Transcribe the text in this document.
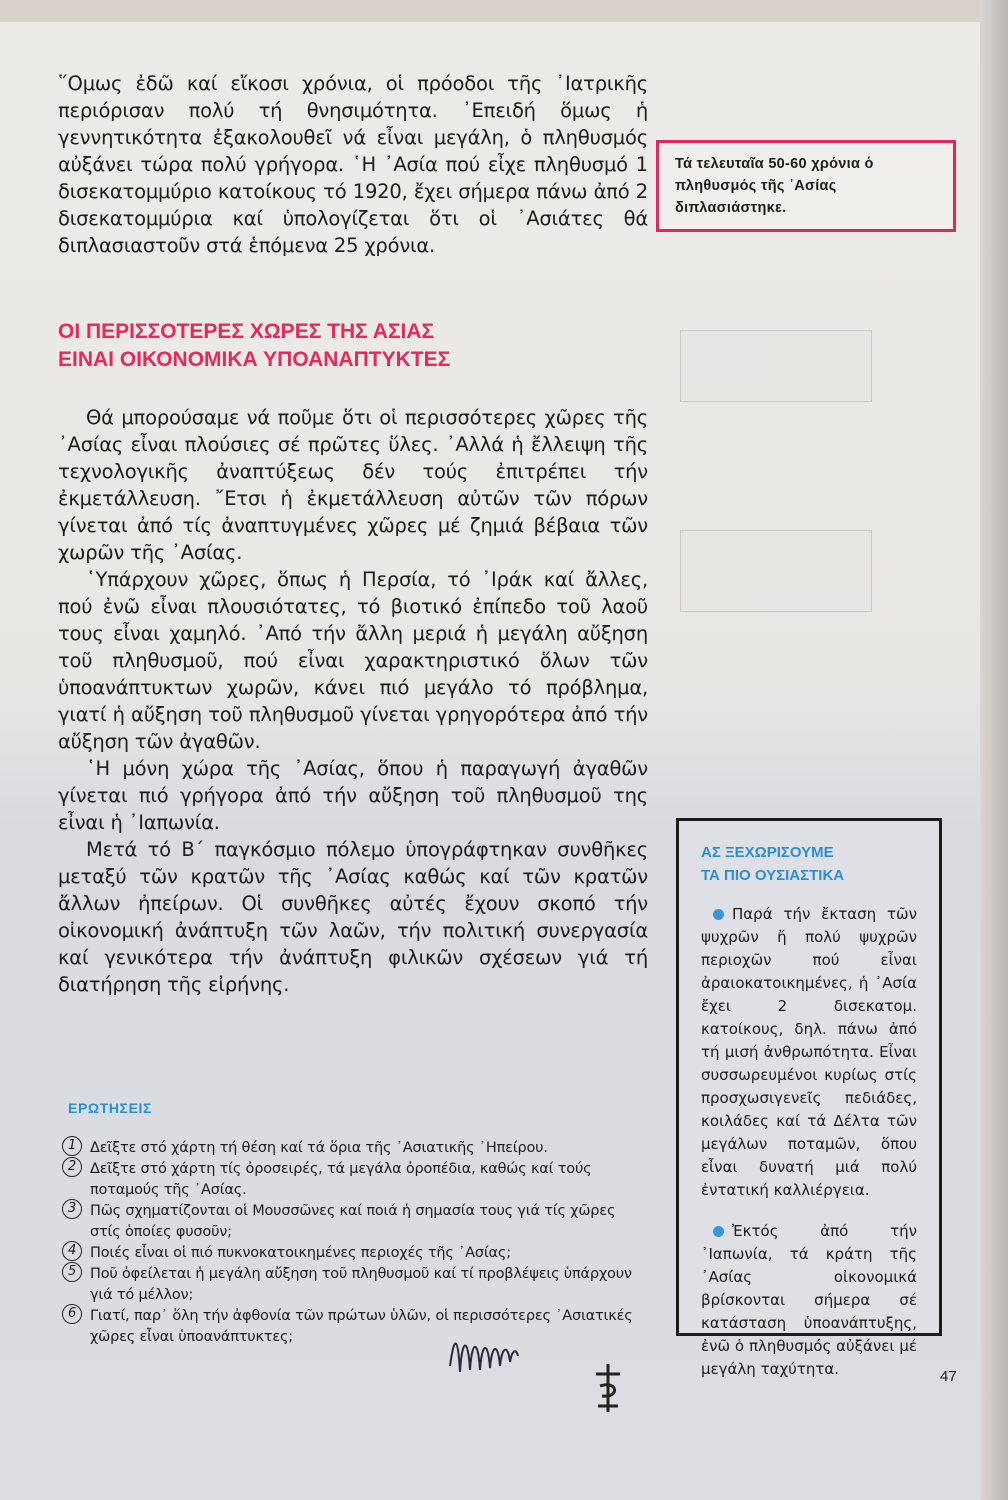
῞Ομως ἐδῶ καί εἴκοσι χρόνια, οἱ πρόοδοι τῆς ᾿Ιατρικῆς περιόρισαν πολύ τή θνησιμότητα. ᾿Επειδή ὅμως ἡ γεννητικότητα ἐξακολουθεῖ νά εἶναι μεγάλη, ὁ πληθυσμός αὐξάνει τώρα πολύ γρήγορα. ῾Η ᾿Ασία πού εἶχε πληθυσμό 1 δισεκατομμύριο κατοίκους τό 1920, ἔχει σήμερα πάνω ἀπό 2 δισεκατομμύρια καί ὑπολογίζεται ὅτι οἱ ᾿Ασιάτες θά διπλασιαστοῦν στά ἑπόμενα 25 χρόνια.

Τά τελευταῖα 50-60 χρόνια ὁ πληθυσμός τῆς ᾿Ασίας διπλασιάστηκε.
ΟΙ ΠΕΡΙΣΣΟΤΕΡΕΣ ΧΩΡΕΣ ΤΗΣ ΑΣΙΑΣ
ΕΙΝΑΙ ΟΙΚΟΝΟΜΙΚΑ ΥΠΟΑΝΑΠΤΥΚΤΕΣ

Θά μπορούσαμε νά ποῦμε ὅτι οἱ περισσότερες χῶρες τῆς ᾿Ασίας εἶναι πλούσιες σέ πρῶτες ὕλες. ᾿Αλλά ἡ ἔλλειψη τῆς τεχνολογικῆς ἀναπτύξεως δέν τούς ἐπιτρέπει τήν ἐκμετάλλευση. ῎Ετσι ἡ ἐκμετάλλευση αὐτῶν τῶν πόρων γίνεται ἀπό τίς ἀναπτυγμένες χῶρες μέ ζημιά βέβαια τῶν χωρῶν τῆς ᾿Ασίας.

῾Υπάρχουν χῶρες, ὅπως ἡ Περσία, τό ᾿Ιράκ καί ἄλλες, πού ἐνῶ εἶναι πλουσιότατες, τό βιοτικό ἐπίπεδο τοῦ λαοῦ τους εἶναι χαμηλό. ᾿Από τήν ἄλλη μεριά ἡ μεγάλη αὔξηση τοῦ πληθυσμοῦ, πού εἶναι χαρακτηριστικό ὅλων τῶν ὑποανάπτυκτων χωρῶν, κάνει πιό μεγάλο τό πρόβλημα, γιατί ἡ αὔξηση τοῦ πληθυσμοῦ γίνεται γρηγορότερα ἀπό τήν αὔξηση τῶν ἀγαθῶν.

῾Η μόνη χώρα τῆς ᾿Ασίας, ὅπου ἡ παραγωγή ἀγαθῶν γίνεται πιό γρήγορα ἀπό τήν αὔξηση τοῦ πληθυσμοῦ της εἶναι ἡ ᾿Ιαπωνία.

Μετά τό Β΄ παγκόσμιο πόλεμο ὑπογράφτηκαν συνθῆκες μεταξύ τῶν κρατῶν τῆς ᾿Ασίας καθώς καί τῶν κρατῶν ἄλλων ἠπείρων. Οἱ συνθῆκες αὐτές ἔχουν σκοπό τήν οἰκονομική ἀνάπτυξη τῶν λαῶν, τήν πολιτική συνεργασία καί γενικότερα τήν ἀνάπτυξη φιλικῶν σχέσεων γιά τή διατήρηση τῆς εἰρήνης.

ΑΣ ΞΕΧΩΡΙΣΟΥΜΕ
ΤΑ ΠΙΟ ΟΥΣΙΑΣΤΙΚΑ

Παρά τήν ἔκταση τῶν ψυχρῶν ἤ πολύ ψυχρῶν περιοχῶν πού εἶναι ἀραιοκατοικημένες, ἡ ᾿Ασία ἔχει 2 δισεκατομ. κατοίκους, δηλ. πάνω ἀπό τή μισή ἀνθρωπότητα. Εἶναι συσσωρευμένοι κυρίως στίς προσχωσιγενεῖς πεδιάδες, κοιλάδες καί τά Δέλτα τῶν μεγάλων ποταμῶν, ὅπου εἶναι δυνατή μιά πολύ ἐντατική καλλιέργεια.

Ἐκτός ἀπό τήν ᾿Ιαπωνία, τά κράτη τῆς ᾿Ασίας οἰκονομικά βρίσκονται σήμερα σέ κατάσταση ὑποανάπτυξης, ἐνῶ ὁ πληθυσμός αὐξάνει μέ μεγάλη ταχύτητα.

ΕΡΩΤΗΣΕΙΣ

1 Δεῖξτε στό χάρτη τή θέση καί τά ὅρια τῆς ᾿Ασιατικῆς ᾿Ηπείρου.

2 Δεῖξτε στό χάρτη τίς ὀροσειρές, τά μεγάλα ὀροπέδια, καθώς καί τούς ποταμούς τῆς ᾿Ασίας.

3 Πῶς σχηματίζονται οἱ Μουσσῶνες καί ποιά ἡ σημασία τους γιά τίς χῶρες στίς ὁποίες φυσοῦν;

4 Ποιές εἶναι οἱ πιό πυκνοκατοικημένες περιοχές τῆς ᾿Ασίας;

5 Ποῦ ὀφείλεται ἡ μεγάλη αὔξηση τοῦ πληθυσμοῦ καί τί προβλέψεις ὑπάρχουν γιά τό μέλλον;

6 Γιατί, παρ᾿ ὅλη τήν ἀφθονία τῶν πρώτων ὑλῶν, οἱ περισσότερες ᾿Ασιατικές χῶρες εἶναι ὑποανάπτυκτες;

47
